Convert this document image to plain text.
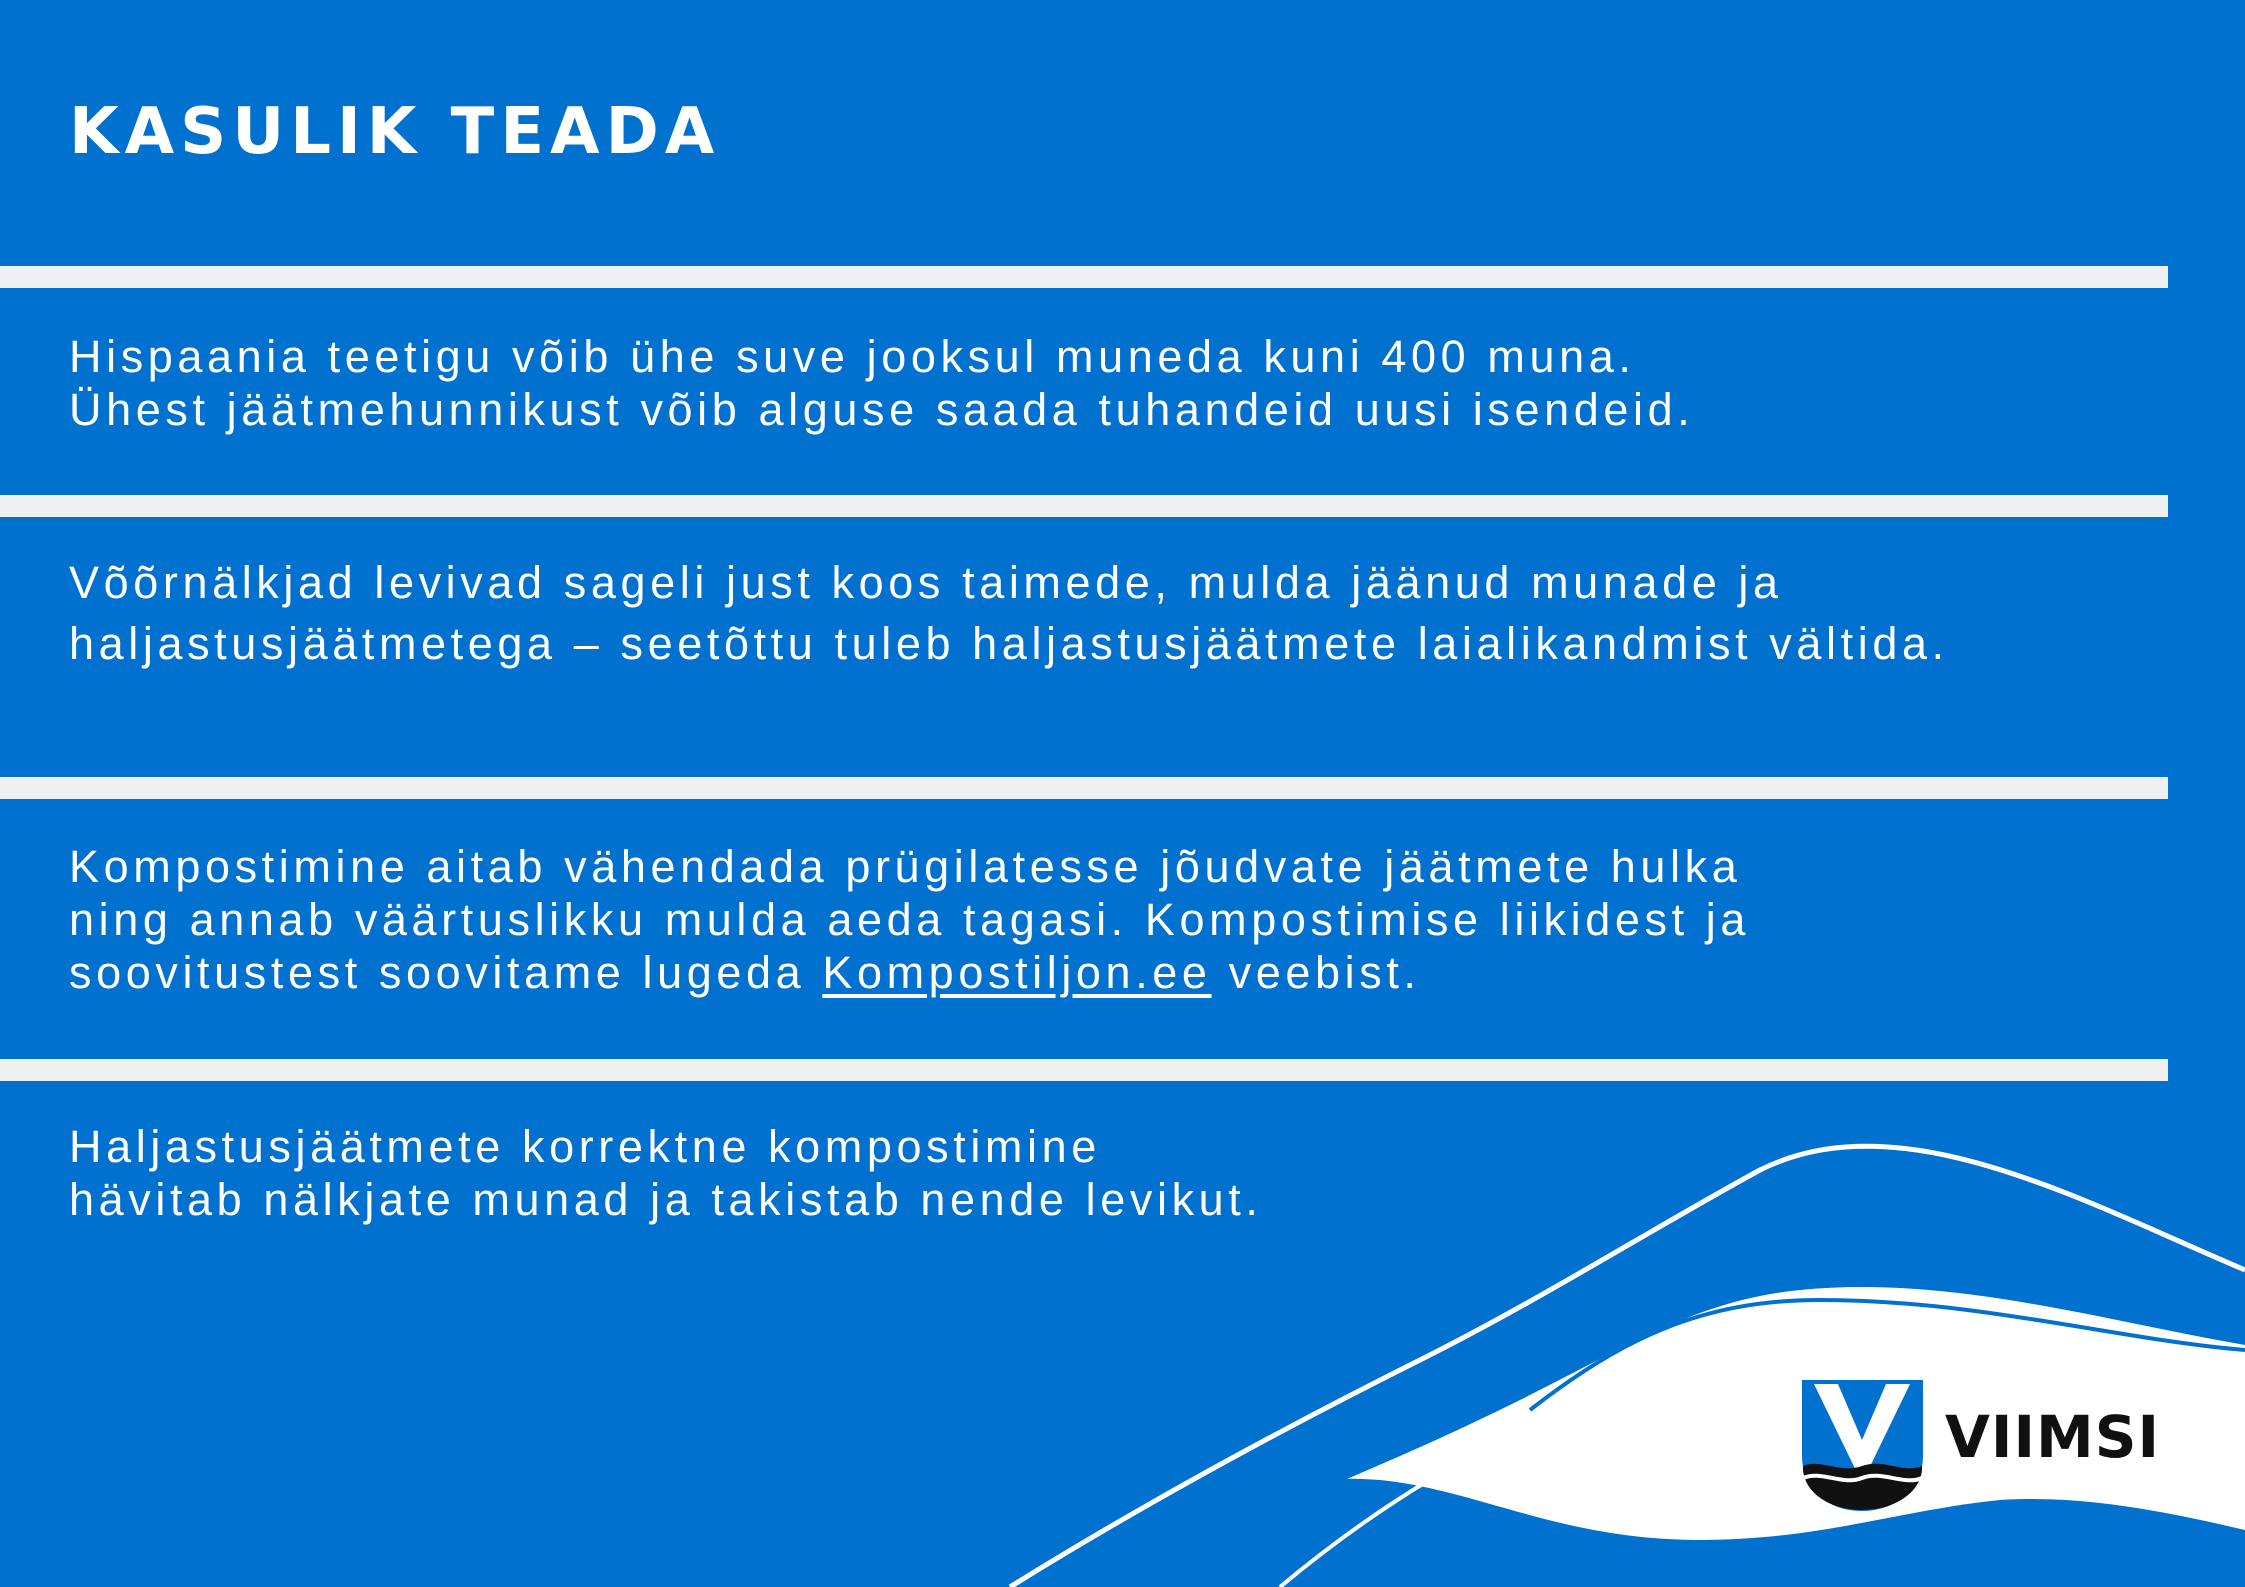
KASULIK TEADA

Hispaania teetigu võib ühe suve jooksul muneda kuni 400 muna.
Ühest jäätmehunnikust võib alguse saada tuhandeid uusi isendeid.

Võõrnälkjad levivad sageli just koos taimede, mulda jäänud munade ja
haljastusjäätmetega – seetõttu tuleb haljastusjäätmete laialikandmist vältida.

Kompostimine aitab vähendada prügilatesse jõudvate jäätmete hulka
ning annab väärtuslikku mulda aeda tagasi. Kompostimise liikidest ja
soovitustest soovitame lugeda Kompostiljon.ee veebist.

Haljastusjäätmete korrektne kompostimine
hävitab nälkjate munad ja takistab nende levikut.

VIIMSI
